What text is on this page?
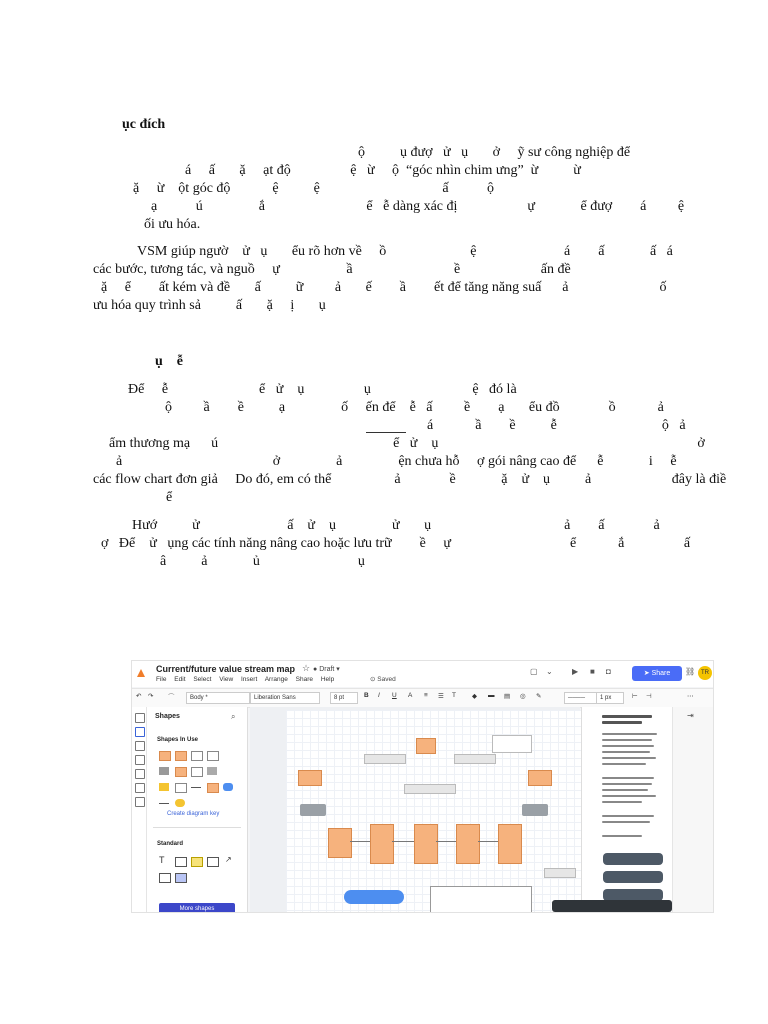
ục đích
ộ          ụ đượ   ử   ụ       ở     ỹ sư công nghiệp để
á     ấ       ặ     ạt độ                 ệ   ừ     ộ  “góc nhìn chim ưng”  ừ          ừ
ặ     ừ    ột góc độ            ệ          ệ                                   ấ           ộ
ạ           ú                ắ                             ể   ễ dàng xác đị                    ự             ể đượ        á         ệ
ối ưu hóa.
VSM giúp ngườ    ử   ụ       ểu rõ hơn về     ồ                        ệ                         á        ấ             ấ   á
các bước, tương tác, và nguồ     ự                   ầ                             ề                       ấn đề
ặ     ể        ất kém và đề       ấ          ữ         ả       ế        ầ        ết để tăng năng suấ      ả                          ố
ưu hóa quy trình sả          ấ       ặ     ị       ụ
ụ    ễ
Để     ễ                          ể   ử    ụ                 ụ                             ệ   đó là
ộ         ầ        ề          ạ                ố     ến để    ễ   ấ         ề        ạ       ểu đồ              ồ            ả
á            ầ        ề          ễ                              ộ   ả
ẩm thương mạ      ú                                                  ể   ử    ụ                                                                          ở
ả                                           ở                ả                ện chưa hỗ     ợ gói nâng cao để      ễ             i     ễ
các flow chart đơn giả     Do đó, em có thể                  ả              ề             ặ    ử    ụ          ả                       đây là điề
ể
Hướ          ử                         ấ    ử    ụ                ử       ụ                                      ả        ấ              ả
ợ   Để    ử   ụng các tính năng nâng cao hoặc lưu trữ        ề     ự                                  ể            ắ                 ấ
â          ả             ủ                            ụ
Current/future value stream map ☆ ● Draft ▾
File Edit Select View Insert Arrange Share Help	⊙ Saved
▢ ⌄ ▶ ■ ◘	➤ Share	⛓ TR
↶ ↷ ⌒	Body *	Liberation Sans	8 pt	B I U A ≡ ☰ T ◆ ▬ ▤ ◎ ✎	────	1 px	⊢ ⊣	⋯
Shapes	⌕
Shapes In Use
Create diagram key
Standard
T	↗
More shapes
⇥
